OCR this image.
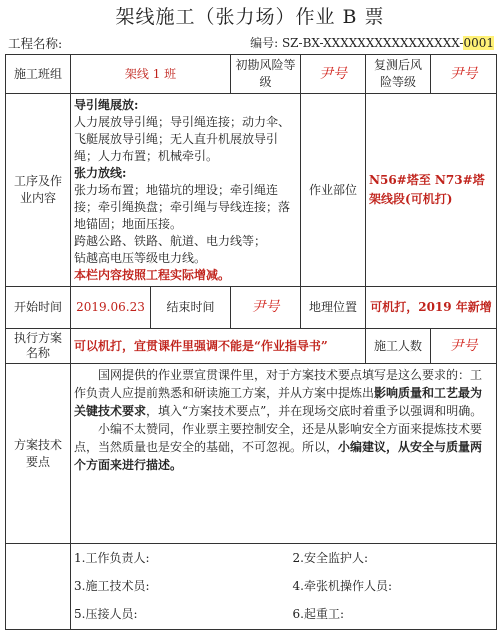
架线施工（张力场）作业 B 票
工程名称:	编号: SZ-BX-XXXXXXXXXXXXXXXX-0001
施工班组	架线 1 班	初勘风险等级	尹号	复测后风险等级	尹号
工序及作业内容	导引绳展放:
人力展放导引绳；导引绳连接；动力伞、飞艇展放导引绳；无人直升机展放导引绳；人力布置；机械牵引。
张力放线:
张力场布置；地锚坑的埋设；牵引绳连接；牵引绳换盘；牵引绳与导线连接；落地锚固；地面压接。
跨越公路、铁路、航道、电力线等；
钻越高电压等级电力线。
本栏内容按照工程实际增减。	作业部位	N56#塔至 N73#塔架线段(可机打)
开始时间	2019.06.23	结束时间	尹号	地理位置	可机打，2019 年新增
执行方案名称	可以机打，宜贯课件里强调不能是“作业指导书”	施工人数	尹号
方案技术要点	
国网提供的作业票宣贯课件里，对于方案技术要点填写是这么要求的：工作负责人应提前熟悉和研读施工方案，并从方案中提炼出影响质量和工艺最为关键技术要求，填入“方案技术要点”，并在现场交底时着重予以强调和明确。
小编不太赞同，作业票主要控制安全，还是从影响安全方面来提炼技术要点，当然质量也是安全的基础，不可忽视。所以，小编建议，从安全与质量两个方面来进行描述。

1.工作负责人:	2.安全监护人:
3.施工技术员:	4.牵张机操作人员:
5.压接人员:	6.起重工:
